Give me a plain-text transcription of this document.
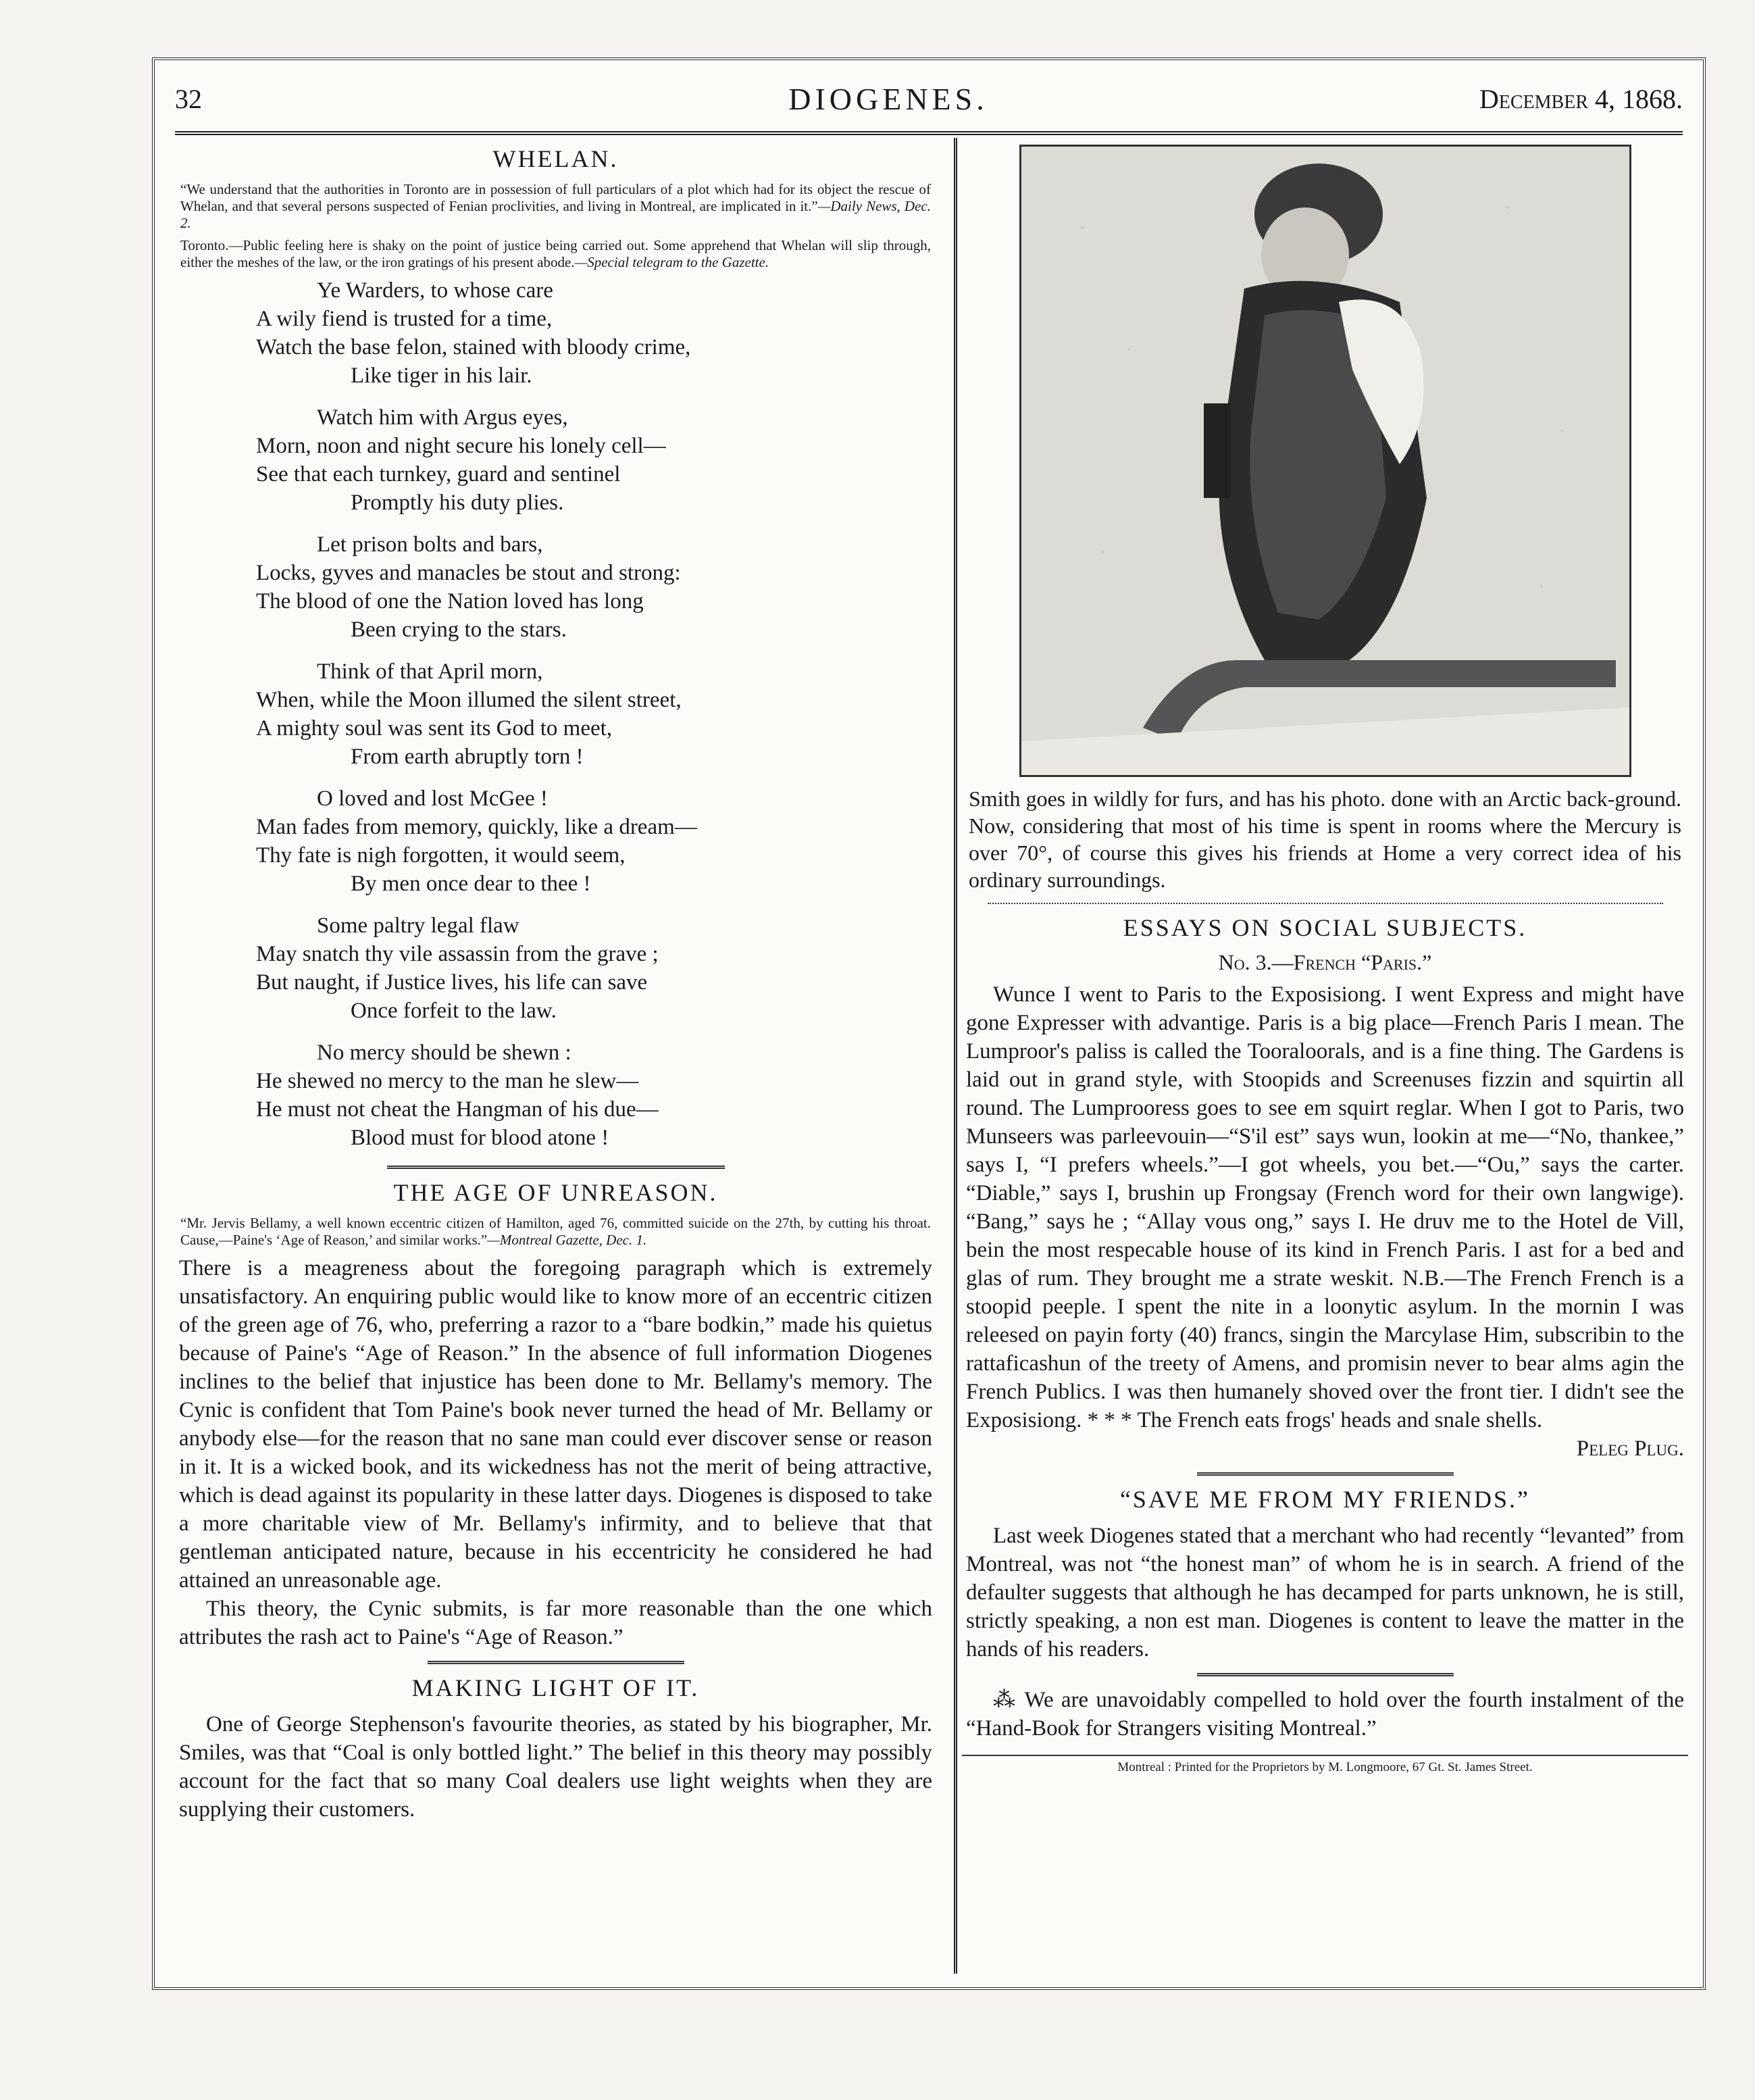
32	DIOGENES.	December 4, 1868.
WHELAN.
“We understand that the authorities in Toronto are in possession of full particulars of a plot which had for its object the rescue of Whelan, and that several persons suspected of Fenian proclivities, and living in Montreal, are implicated in it.”—Daily News, Dec. 2.
Toronto.—Public feeling here is shaky on the point of justice being carried out. Some apprehend that Whelan will slip through, either the meshes of the law, or the iron gratings of his present abode.—Special telegram to the Gazette.
Ye Warders, to whose care
A wily fiend is trusted for a time,
Watch the base felon, stained with bloody crime,
Like tiger in his lair.
Watch him with Argus eyes,
Morn, noon and night secure his lonely cell—
See that each turnkey, guard and sentinel
Promptly his duty plies.
Let prison bolts and bars,
Locks, gyves and manacles be stout and strong:
The blood of one the Nation loved has long
Been crying to the stars.
Think of that April morn,
When, while the Moon illumed the silent street,
A mighty soul was sent its God to meet,
From earth abruptly torn !
O loved and lost McGee !
Man fades from memory, quickly, like a dream—
Thy fate is nigh forgotten, it would seem,
By men once dear to thee !
Some paltry legal flaw
May snatch thy vile assassin from the grave ;
But naught, if Justice lives, his life can save
Once forfeit to the law.
No mercy should be shewn :
He shewed no mercy to the man he slew—
He must not cheat the Hangman of his due—
Blood must for blood atone !
THE AGE OF UNREASON.
“Mr. Jervis Bellamy, a well known eccentric citizen of Hamilton, aged 76, committed suicide on the 27th, by cutting his throat. Cause,—Paine's ‘Age of Reason,’ and similar works.”—Montreal Gazette, Dec. 1.

There is a meagreness about the foregoing paragraph which is extremely unsatisfactory. An enquiring public would like to know more of an eccentric citizen of the green age of 76, who, preferring a razor to a “bare bodkin,” made his quietus because of Paine's “Age of Reason.” In the absence of full information Diogenes inclines to the belief that injustice has been done to Mr. Bellamy's memory. The Cynic is confident that Tom Paine's book never turned the head of Mr. Bellamy or anybody else—for the reason that no sane man could ever discover sense or reason in it. It is a wicked book, and its wickedness has not the merit of being attractive, which is dead against its popularity in these latter days. Diogenes is disposed to take a more charitable view of Mr. Bellamy's infirmity, and to believe that that gentleman anticipated nature, because in his eccentricity he considered he had attained an unreasonable age.

This theory, the Cynic submits, is far more reasonable than the one which attributes the rash act to Paine's “Age of Reason.”

MAKING LIGHT OF IT.

One of George Stephenson's favourite theories, as stated by his biographer, Mr. Smiles, was that “Coal is only bottled light.” The belief in this theory may possibly account for the fact that so many Coal dealers use light weights when they are supplying their customers.

Smith goes in wildly for furs, and has his photo. done with an Arctic back-ground. Now, considering that most of his time is spent in rooms where the Mercury is over 70°, of course this gives his friends at Home a very correct idea of his ordinary surroundings.
ESSAYS ON SOCIAL SUBJECTS.
No. 3.—French “Paris.”

Wunce I went to Paris to the Exposisiong. I went Express and might have gone Expresser with advantige. Paris is a big place—French Paris I mean. The Lumproor's paliss is called the Tooraloorals, and is a fine thing. The Gardens is laid out in grand style, with Stoopids and Screenuses fizzin and squirtin all round. The Lumprooress goes to see em squirt reglar. When I got to Paris, two Munseers was parleevouin—“S'il est” says wun, lookin at me—“No, thankee,” says I, “I prefers wheels.”—I got wheels, you bet.—“Ou,” says the carter. “Diable,” says I, brushin up Frongsay (French word for their own langwige). “Bang,” says he ; “Allay vous ong,” says I. He druv me to the Hotel de Vill, bein the most respecable house of its kind in French Paris. I ast for a bed and glas of rum. They brought me a strate weskit. N.B.—The French French is a stoopid peeple. I spent the nite in a loonytic asylum. In the mornin I was releesed on payin forty (40) francs, singin the Marcylase Him, subscribin to the rattaficashun of the treety of Amens, and promisin never to bear alms agin the French Publics. I was then humanely shoved over the front tier. I didn't see the Exposisiong. * * * The French eats frogs' heads and snale shells.

Peleg Plug.
“SAVE ME FROM MY FRIENDS.”

Last week Diogenes stated that a merchant who had recently “levanted” from Montreal, was not “the honest man” of whom he is in search. A friend of the defaulter suggests that although he has decamped for parts unknown, he is still, strictly speaking, a non est man. Diogenes is content to leave the matter in the hands of his readers.

⁂ We are unavoidably compelled to hold over the fourth instalment of the “Hand-Book for Strangers visiting Montreal.”

Montreal : Printed for the Proprietors by M. Longmoore, 67 Gt. St. James Street.
